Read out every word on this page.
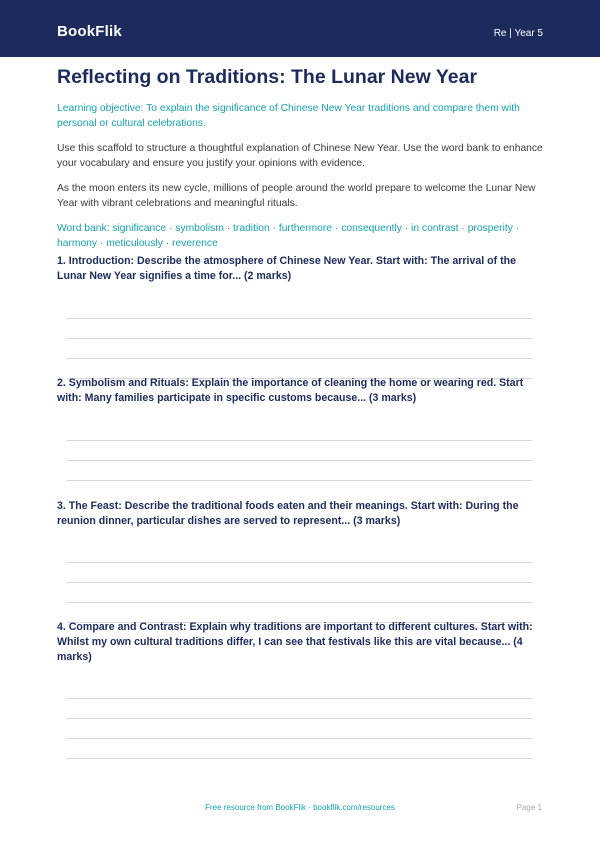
BookFlik	Re | Year 5
Reflecting on Traditions: The Lunar New Year

Learning objective: To explain the significance of Chinese New Year traditions and compare them with personal or cultural celebrations.

Use this scaffold to structure a thoughtful explanation of Chinese New Year. Use the word bank to enhance your vocabulary and ensure you justify your opinions with evidence.

As the moon enters its new cycle, millions of people around the world prepare to welcome the Lunar New Year with vibrant celebrations and meaningful rituals.

Word bank: significance · symbolism · tradition · furthermore · consequently · in contrast · prosperity · harmony · meticulously · reverence

1. Introduction: Describe the atmosphere of Chinese New Year. Start with: The arrival of the Lunar New Year signifies a time for... (2 marks)
2. Symbolism and Rituals: Explain the importance of cleaning the home or wearing red. Start with: Many families participate in specific customs because... (3 marks)
3. The Feast: Describe the traditional foods eaten and their meanings. Start with: During the reunion dinner, particular dishes are served to represent... (3 marks)
4. Compare and Contrast: Explain why traditions are important to different cultures. Start with: Whilst my own cultural traditions differ, I can see that festivals like this are vital because... (4 marks)
Free resource from BookFlik · bookflik.com/resources	Page 1
